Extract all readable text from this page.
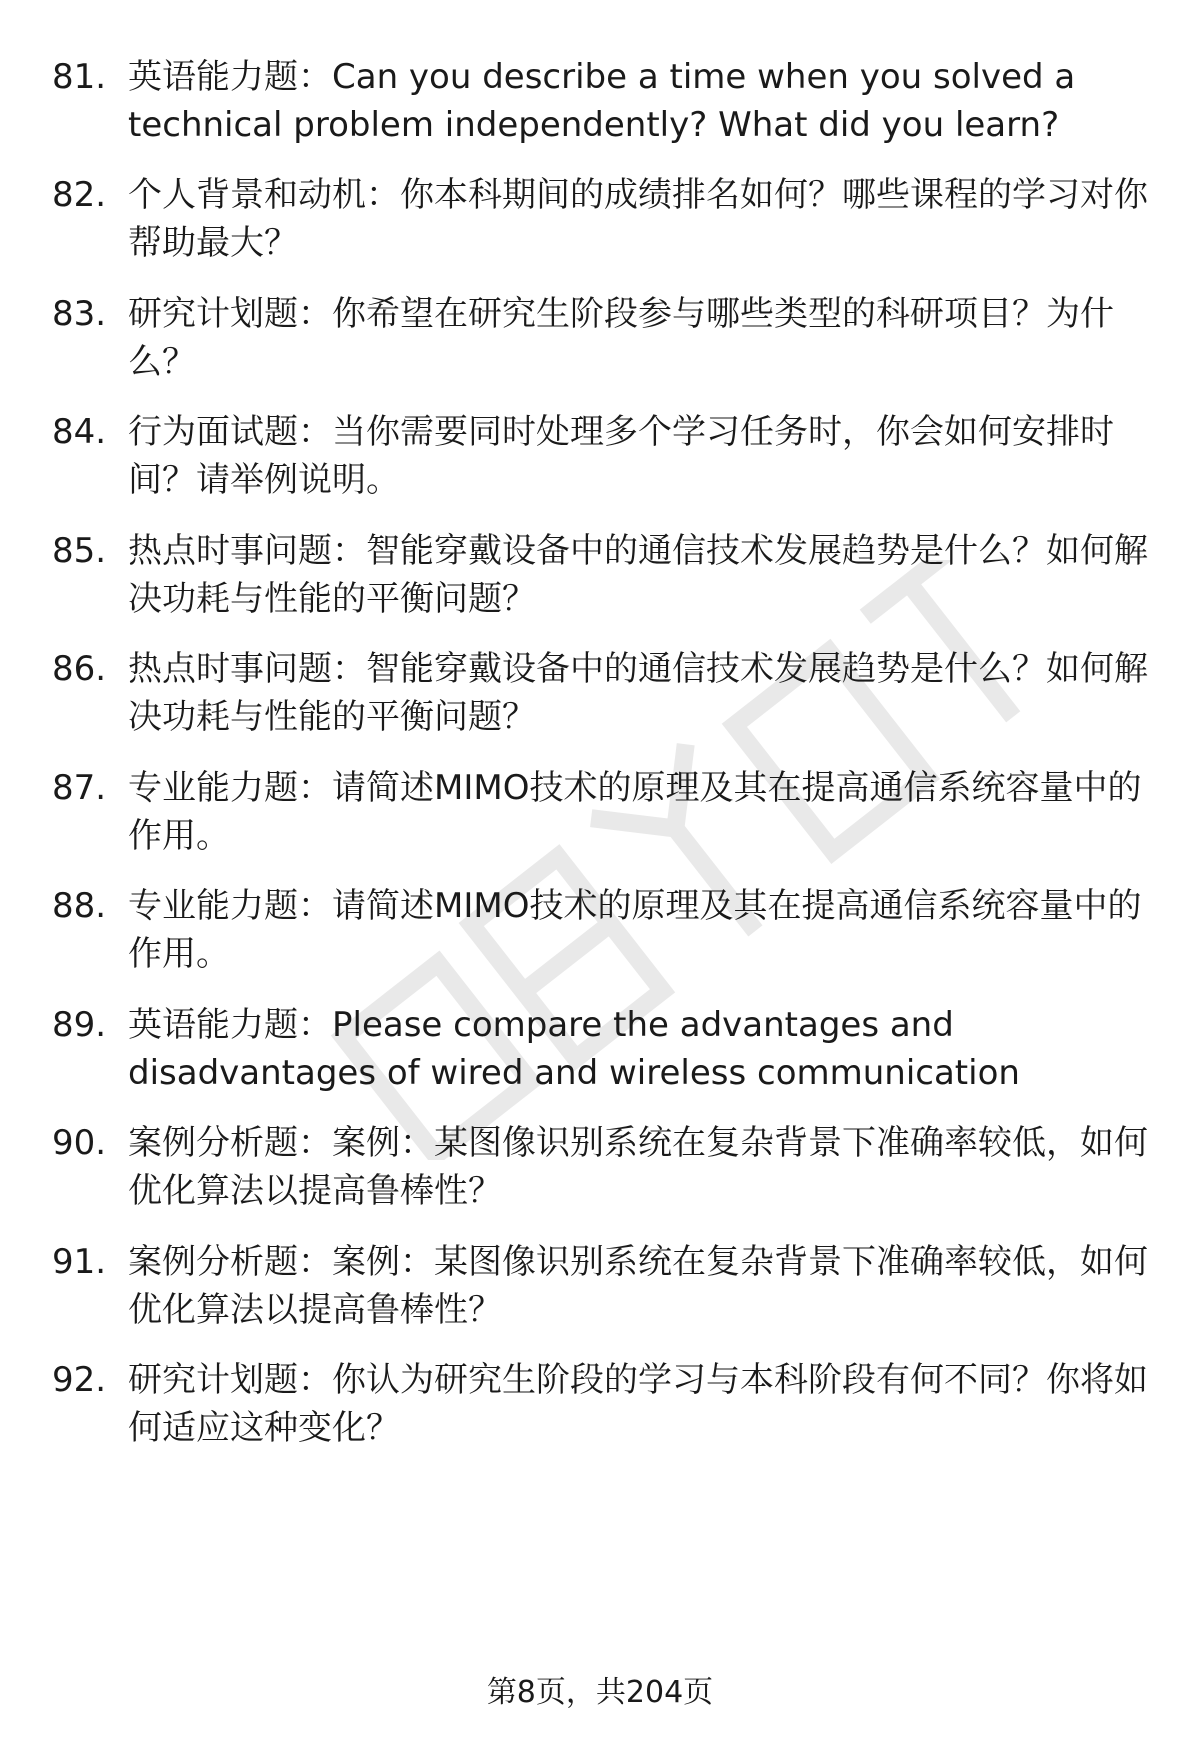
81. 英语能力题：Can you describe a time when you solved a technical problem independently? What did you learn?
82. 个人背景和动机：你本科期间的成绩排名如何？哪些课程的学习对你帮助最大？
83. 研究计划题：你希望在研究生阶段参与哪些类型的科研项目？为什么？
84. 行为面试题：当你需要同时处理多个学习任务时，你会如何安排时间？请举例说明。
85. 热点时事问题：智能穿戴设备中的通信技术发展趋势是什么？如何解决功耗与性能的平衡问题？
86. 热点时事问题：智能穿戴设备中的通信技术发展趋势是什么？如何解决功耗与性能的平衡问题？
87. 专业能力题：请简述MIMO技术的原理及其在提高通信系统容量中的作用。
88. 专业能力题：请简述MIMO技术的原理及其在提高通信系统容量中的作用。
89. 英语能力题：Please compare the advantages and disadvantages of wired and wireless communication
90. 案例分析题：案例：某图像识别系统在复杂背景下准确率较低，如何优化算法以提高鲁棒性？
91. 案例分析题：案例：某图像识别系统在复杂背景下准确率较低，如何优化算法以提高鲁棒性？
92. 研究计划题：你认为研究生阶段的学习与本科阶段有何不同？你将如何适应这种变化？
第8页，共204页
